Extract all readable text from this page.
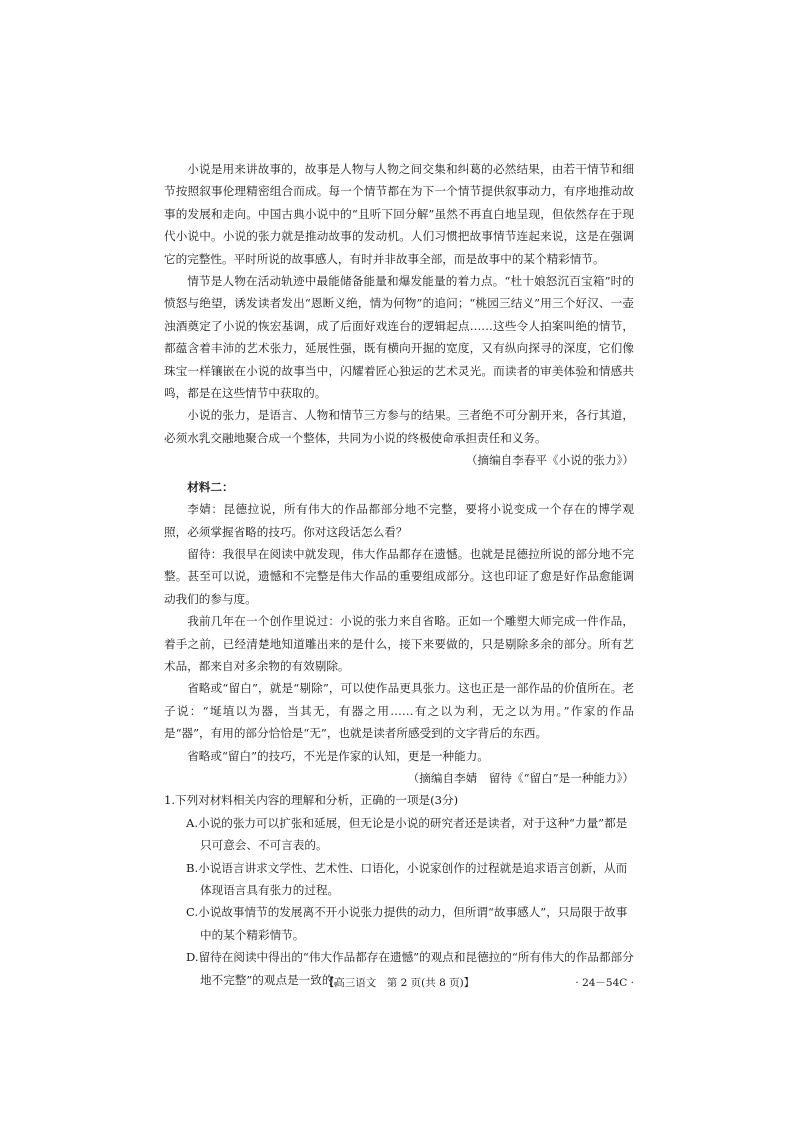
小说是用来讲故事的，故事是人物与人物之间交集和纠葛的必然结果，由若干情节和细节按照叙事伦理精密组合而成。每一个情节都在为下一个情节提供叙事动力，有序地推动故事的发展和走向。中国古典小说中的“且听下回分解”虽然不再直白地呈现，但依然存在于现代小说中。小说的张力就是推动故事的发动机。人们习惯把故事情节连起来说，这是在强调它的完整性。平时所说的故事感人，有时并非故事全部，而是故事中的某个精彩情节。

情节是人物在活动轨迹中最能储备能量和爆发能量的着力点。“杜十娘怒沉百宝箱”时的愤怒与绝望，诱发读者发出“恩断义绝，情为何物”的追问；“桃园三结义”用三个好汉、一壶浊酒奠定了小说的恢宏基调，成了后面好戏连台的逻辑起点……这些令人拍案叫绝的情节，都蕴含着丰沛的艺术张力，延展性强，既有横向开掘的宽度，又有纵向探寻的深度，它们像珠宝一样镶嵌在小说的故事当中，闪耀着匠心独运的艺术灵光。而读者的审美体验和情感共鸣，都是在这些情节中获取的。

小说的张力，是语言、人物和情节三方参与的结果。三者绝不可分割开来，各行其道，必须水乳交融地聚合成一个整体，共同为小说的终极使命承担责任和义务。

（摘编自李春平《小说的张力》）

材料二：

李婧：昆德拉说，所有伟大的作品都部分地不完整，要将小说变成一个存在的博学观照，必须掌握省略的技巧。你对这段话怎么看？

留待：我很早在阅读中就发现，伟大作品都存在遗憾。也就是昆德拉所说的部分地不完整。甚至可以说，遗憾和不完整是伟大作品的重要组成部分。这也印证了愈是好作品愈能调动我们的参与度。

我前几年在一个创作里说过：小说的张力来自省略。正如一个雕塑大师完成一件作品，着手之前，已经清楚地知道雕出来的是什么，接下来要做的，只是剔除多余的部分。所有艺术品，都来自对多余物的有效剔除。

省略或“留白”，就是“剔除”，可以使作品更具张力。这也正是一部作品的价值所在。老子说：“埏埴以为器，当其无，有器之用……有之以为利，无之以为用。”作家的作品是“器”，有用的部分恰恰是“无”，也就是读者所感受到的文字背后的东西。

省略或“留白”的技巧，不光是作家的认知，更是一种能力。

（摘编自李婧　留待《“留白”是一种能力》）

1.下列对材料相关内容的理解和分析，正确的一项是(3分)

A.小说的张力可以扩张和延展，但无论是小说的研究者还是读者，对于这种“力量”都是只可意会、不可言表的。
B.小说语言讲求文学性、艺术性、口语化，小说家创作的过程就是追求语言创新，从而体现语言具有张力的过程。
C.小说故事情节的发展离不开小说张力提供的动力，但所谓“故事感人”，只局限于故事中的某个精彩情节。
D.留待在阅读中得出的“伟大作品都存在遗憾”的观点和昆德拉的“所有伟大的作品都部分地不完整”的观点是一致的。
【高三语文　第 2 页(共 8 页)】	· 24－54C ·
